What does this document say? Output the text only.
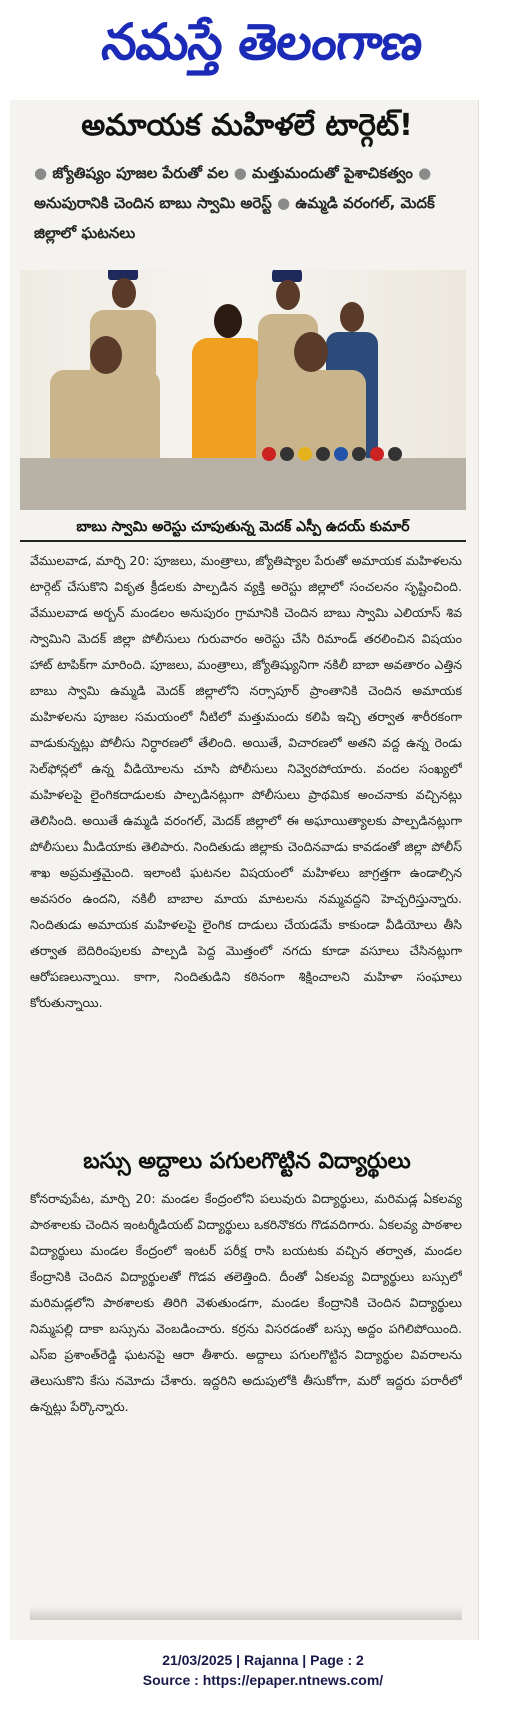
నమస్తే తెలంగాణ
అమాయక మహిళలే టార్గెట్!
● జ్యోతిష్యం పూజల పేరుతో వల ● మత్తుమందుతో పైశాచికత్వం ● అనుపురానికి చెందిన బాబు స్వామి అరెస్ట్ ● ఉమ్మడి వరంగల్, మెదక్ జిల్లాలో ఘటనలు
బాబు స్వామి అరెస్టు చూపుతున్న మెదక్ ఎస్పీ ఉదయ్ కుమార్

వేములవాడ, మార్చి 20: పూజలు, మంత్రాలు, జ్యోతిష్యాల పేరుతో అమాయక మహిళలను టార్గెట్ చేసుకొని వికృత క్రీడలకు పాల్పడిన వ్యక్తి అరెస్టు జిల్లాలో సంచలనం సృష్టించింది. వేములవాడ అర్బన్ మండలం అనుపురం గ్రామానికి చెందిన బాబు స్వామి ఎలియాస్ శివ స్వామిని మెదక్ జిల్లా పోలీసులు గురువారం అరెస్టు చేసి రిమాండ్ తరలించిన విషయం హాట్ టాపిక్‌గా మారింది. పూజలు, మంత్రాలు, జ్యోతిష్యునిగా నకిలీ బాబా అవతారం ఎత్తిన బాబు స్వామి ఉమ్మడి మెదక్ జిల్లాలోని నర్సాపూర్ ప్రాంతానికి చెందిన అమాయక మహిళలను పూజల సమయంలో నీటిలో మత్తుమందు కలిపి ఇచ్చి తర్వాత శారీరకంగా వాడుకున్నట్లు పోలీసు నిర్ధారణలో తేలింది. అయితే, విచారణలో అతని వద్ద ఉన్న రెండు సెల్‌ఫోన్లలో ఉన్న వీడియోలను చూసి పోలీసులు నివ్వెరపోయారు. వందల సంఖ్యలో మహిళలపై లైంగికదాడులకు పాల్పడినట్లుగా పోలీసులు ప్రాథమిక అంచనాకు వచ్చినట్లు తెలిసింది. అయితే ఉమ్మడి వరంగల్, మెదక్ జిల్లాలో ఈ అఘాయిత్యాలకు పాల్పడినట్లుగా పోలీసులు మీడియాకు తెలిపారు. నిందితుడు జిల్లాకు చెందినవాడు కావడంతో జిల్లా పోలీస్ శాఖ అప్రమత్తమైంది. ఇలాంటి ఘటనల విషయంలో మహిళలు జాగ్రత్తగా ఉండాల్సిన అవసరం ఉందని, నకిలీ బాబాల మాయ మాటలను నమ్మవద్దని హెచ్చరిస్తున్నారు. నిందితుడు అమాయక మహిళలపై లైంగిక దాడులు చేయడమే కాకుండా వీడియోలు తీసి తర్వాత బెదిరింపులకు పాల్పడి పెద్ద మొత్తంలో నగదు కూడా వసూలు చేసినట్లుగా ఆరోపణలున్నాయి. కాగా, నిందితుడిని కఠినంగా శిక్షించాలని మహిళా సంఘాలు కోరుతున్నాయి.

బస్సు అద్దాలు పగులగొట్టిన విద్యార్థులు

కోనరావుపేట, మార్చి 20: మండల కేంద్రంలోని పలువురు విద్యార్థులు, మరిమడ్ల ఏకలవ్య పాఠశాలకు చెందిన ఇంటర్మీడియట్ విద్యార్థులు ఒకరినొకరు గొడవదిగారు. ఏకలవ్య పాఠశాల విద్యార్థులు మండల కేంద్రంలో ఇంటర్ పరీక్ష రాసి బయటకు వచ్చిన తర్వాత, మండల కేంద్రానికి చెందిన విద్యార్థులతో గొడవ తలెత్తింది. దీంతో ఏకలవ్య విద్యార్థులు బస్సులో మరిమడ్లలోని పాఠశాలకు తిరిగి వెళుతుండగా, మండల కేంద్రానికి చెందిన విద్యార్థులు నిమ్మపల్లి దాకా బస్సును వెంబడించారు. కర్రను విసరడంతో బస్సు అద్దం పగిలిపోయింది. ఎస్ఐ ప్రశాంత్‌రెడ్డి ఘటనపై ఆరా తీశారు. అద్దాలు పగులగొట్టిన విద్యార్థుల వివరాలను తెలుసుకొని కేసు నమోదు చేశారు. ఇద్దరిని అదుపులోకి తీసుకోగా, మరో ఇద్దరు పరారీలో ఉన్నట్లు పేర్కొన్నారు.

21/03/2025 | Rajanna | Page : 2
Source : https://epaper.ntnews.com/
